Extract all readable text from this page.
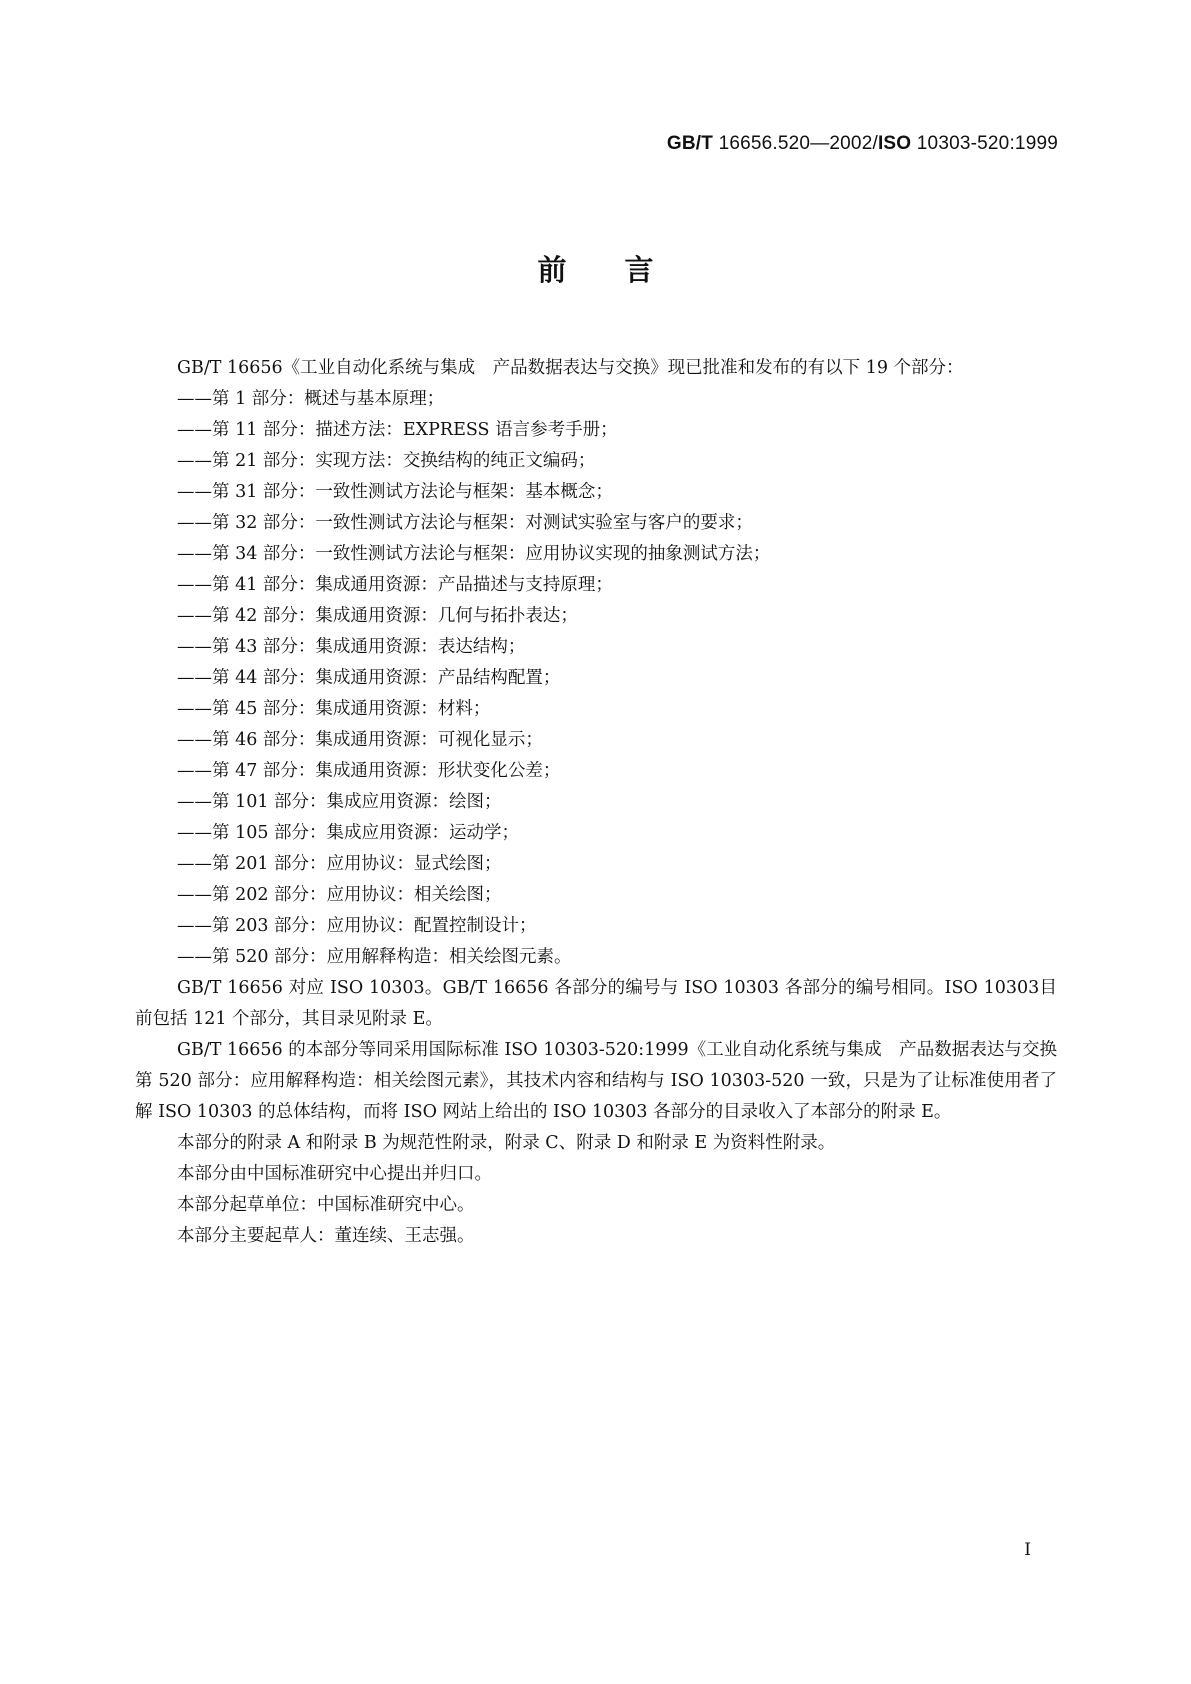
GB/T 16656.520—2002/ISO 10303-520:1999
前 言

GB/T 16656《工业自动化系统与集成　产品数据表达与交换》现已批准和发布的有以下 19 个部分：

——第 1 部分：概述与基本原理；

——第 11 部分：描述方法：EXPRESS 语言参考手册；

——第 21 部分：实现方法：交换结构的纯正文编码；

——第 31 部分：一致性测试方法论与框架：基本概念；

——第 32 部分：一致性测试方法论与框架：对测试实验室与客户的要求；

——第 34 部分：一致性测试方法论与框架：应用协议实现的抽象测试方法；

——第 41 部分：集成通用资源：产品描述与支持原理；

——第 42 部分：集成通用资源：几何与拓扑表达；

——第 43 部分：集成通用资源：表达结构；

——第 44 部分：集成通用资源：产品结构配置；

——第 45 部分：集成通用资源：材料；

——第 46 部分：集成通用资源：可视化显示；

——第 47 部分：集成通用资源：形状变化公差；

——第 101 部分：集成应用资源：绘图；

——第 105 部分：集成应用资源：运动学；

——第 201 部分：应用协议：显式绘图；

——第 202 部分：应用协议：相关绘图；

——第 203 部分：应用协议：配置控制设计；

——第 520 部分：应用解释构造：相关绘图元素。

GB/T 16656 对应 ISO 10303。GB/T 16656 各部分的编号与 ISO 10303 各部分的编号相同。ISO 10303目前包括 121 个部分，其目录见附录 E。

GB/T 16656 的本部分等同采用国际标准 ISO 10303-520:1999《工业自动化系统与集成　产品数据表达与交换　第 520 部分：应用解释构造：相关绘图元素》，其技术内容和结构与 ISO 10303-520 一致，只是为了让标准使用者了解 ISO 10303 的总体结构，而将 ISO 网站上给出的 ISO 10303 各部分的目录收入了本部分的附录 E。

本部分的附录 A 和附录 B 为规范性附录，附录 C、附录 D 和附录 E 为资料性附录。

本部分由中国标准研究中心提出并归口。

本部分起草单位：中国标准研究中心。

本部分主要起草人：董连续、王志强。

I
